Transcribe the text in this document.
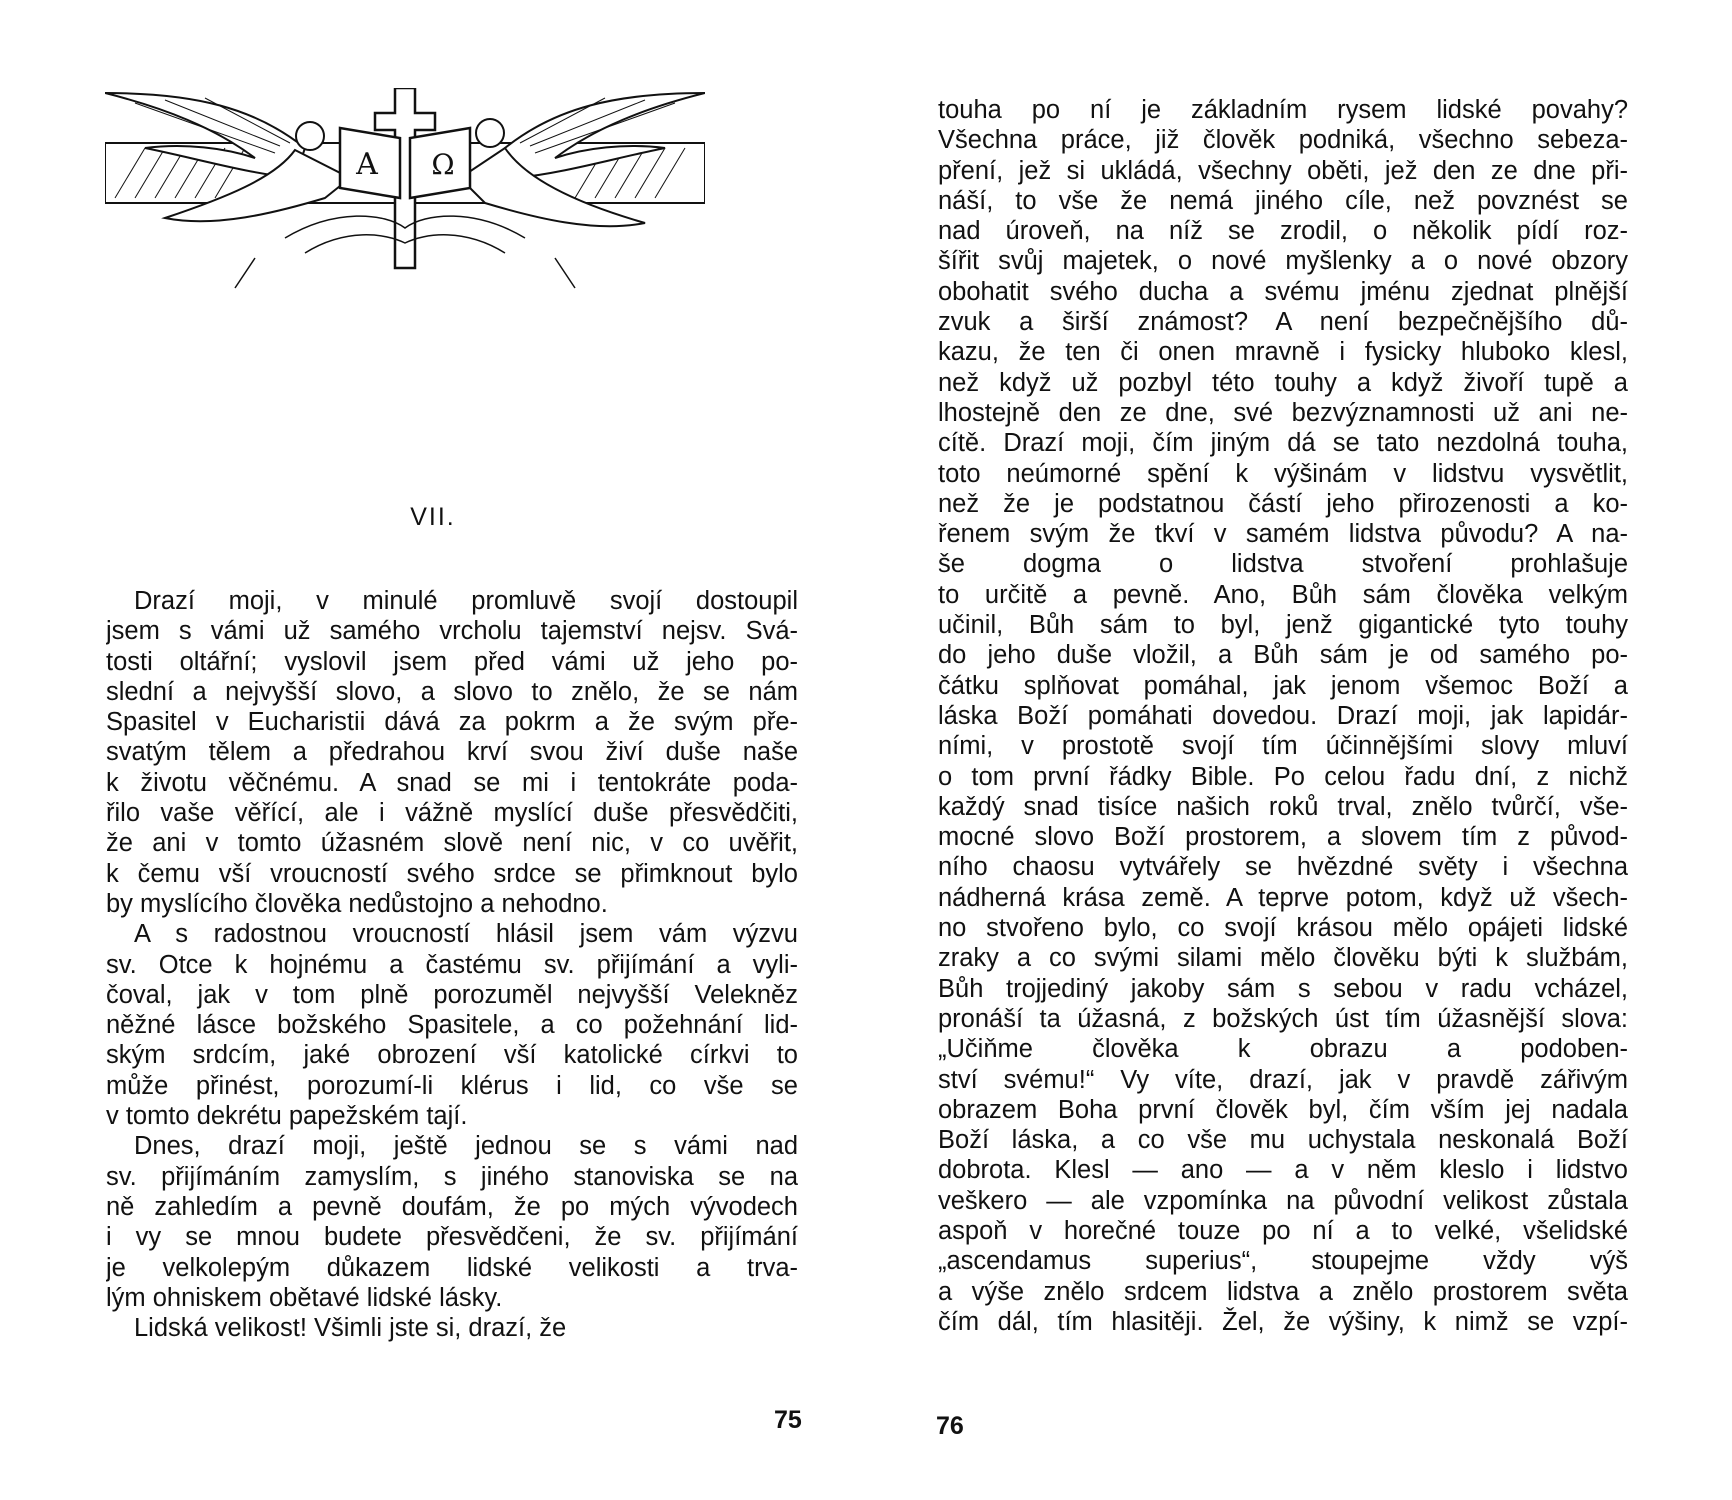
A Ω
VII.
Drazí moji, v minulé promluvě svojí dostoupil
jsem s vámi už samého vrcholu tajemství nejsv. Svá-
tosti oltářní; vyslovil jsem před vámi už jeho po-
slední a nejvyšší slovo, a slovo to znělo, že se nám
Spasitel v Eucharistii dává za pokrm a že svým pře-
svatým tělem a předrahou krví svou živí duše naše
k životu věčnému. A snad se mi i tentokráte poda-
řilo vaše věřící, ale i vážně myslící duše přesvědčiti,
že ani v tomto úžasném slově není nic, v co uvěřit,
k čemu vší vroucností svého srdce se přimknout bylo
by myslícího člověka nedůstojno a nehodno.
A s radostnou vroucností hlásil jsem vám výzvu
sv. Otce k hojnému a častému sv. přijímání a vyli-
čoval, jak v tom plně porozuměl nejvyšší Velekněz
něžné lásce božského Spasitele, a co požehnání lid-
ským srdcím, jaké obrození vší katolické církvi to
může přinést, porozumí-li klérus i lid, co vše se
v tomto dekrétu papežském tají.
Dnes, drazí moji, ještě jednou se s vámi nad
sv. přijímáním zamyslím, s jiného stanoviska se na
ně zahledím a pevně doufám, že po mých vývodech
i vy se mnou budete přesvědčeni, že sv. přijímání
je velkolepým důkazem lidské velikosti a trva-
lým ohniskem obětavé lidské lásky.
Lidská velikost! Všimli jste si, drazí, že
75
touha po ní je základním rysem lidské povahy?
Všechna práce, již člověk podniká, všechno sebeza-
pření, jež si ukládá, všechny oběti, jež den ze dne při-
náší, to vše že nemá jiného cíle, než povznést se
nad úroveň, na níž se zrodil, o několik pídí roz-
šířit svůj majetek, o nové myšlenky a o nové obzory
obohatit svého ducha a svému jménu zjednat plnější
zvuk a širší známost? A není bezpečnějšího dů-
kazu, že ten či onen mravně i fysicky hluboko klesl,
než když už pozbyl této touhy a když živoří tupě a
lhostejně den ze dne, své bezvýznamnosti už ani ne-
cítě. Drazí moji, čím jiným dá se tato nezdolná touha,
toto neúmorné spění k výšinám v lidstvu vysvětlit,
než že je podstatnou částí jeho přirozenosti a ko-
řenem svým že tkví v samém lidstva původu? A na-
še dogma o lidstva stvoření prohlašuje
to určitě a pevně. Ano, Bůh sám člověka velkým
učinil, Bůh sám to byl, jenž gigantické tyto touhy
do jeho duše vložil, a Bůh sám je od samého po-
čátku splňovat pomáhal, jak jenom všemoc Boží a
láska Boží pomáhati dovedou. Drazí moji, jak lapidár-
ními, v prostotě svojí tím účinnějšími slovy mluví
o tom první řádky Bible. Po celou řadu dní, z nichž
každý snad tisíce našich roků trval, znělo tvůrčí, vše-
mocné slovo Boží prostorem, a slovem tím z původ-
ního chaosu vytvářely se hvězdné světy i všechna
nádherná krása země. A teprve potom, když už všech-
no stvořeno bylo, co svojí krásou mělo opájeti lidské
zraky a co svými silami mělo člověku býti k službám,
Bůh trojjediný jakoby sám s sebou v radu vcházel,
pronáší ta úžasná, z božských úst tím úžasnější slova:
„Učiňme člověka k obrazu a podoben-
ství svému!“ Vy víte, drazí, jak v pravdě zářivým
obrazem Boha první člověk byl, čím vším jej nadala
Boží láska, a co vše mu uchystala neskonalá Boží
dobrota. Klesl — ano — a v něm kleslo i lidstvo
veškero — ale vzpomínka na původní velikost zůstala
aspoň v horečné touze po ní a to velké, všelidské
„ascendamus superius“, stoupejme vždy výš
a výše znělo srdcem lidstva a znělo prostorem světa
čím dál, tím hlasitěji. Žel, že výšiny, k nimž se vzpí-
76
